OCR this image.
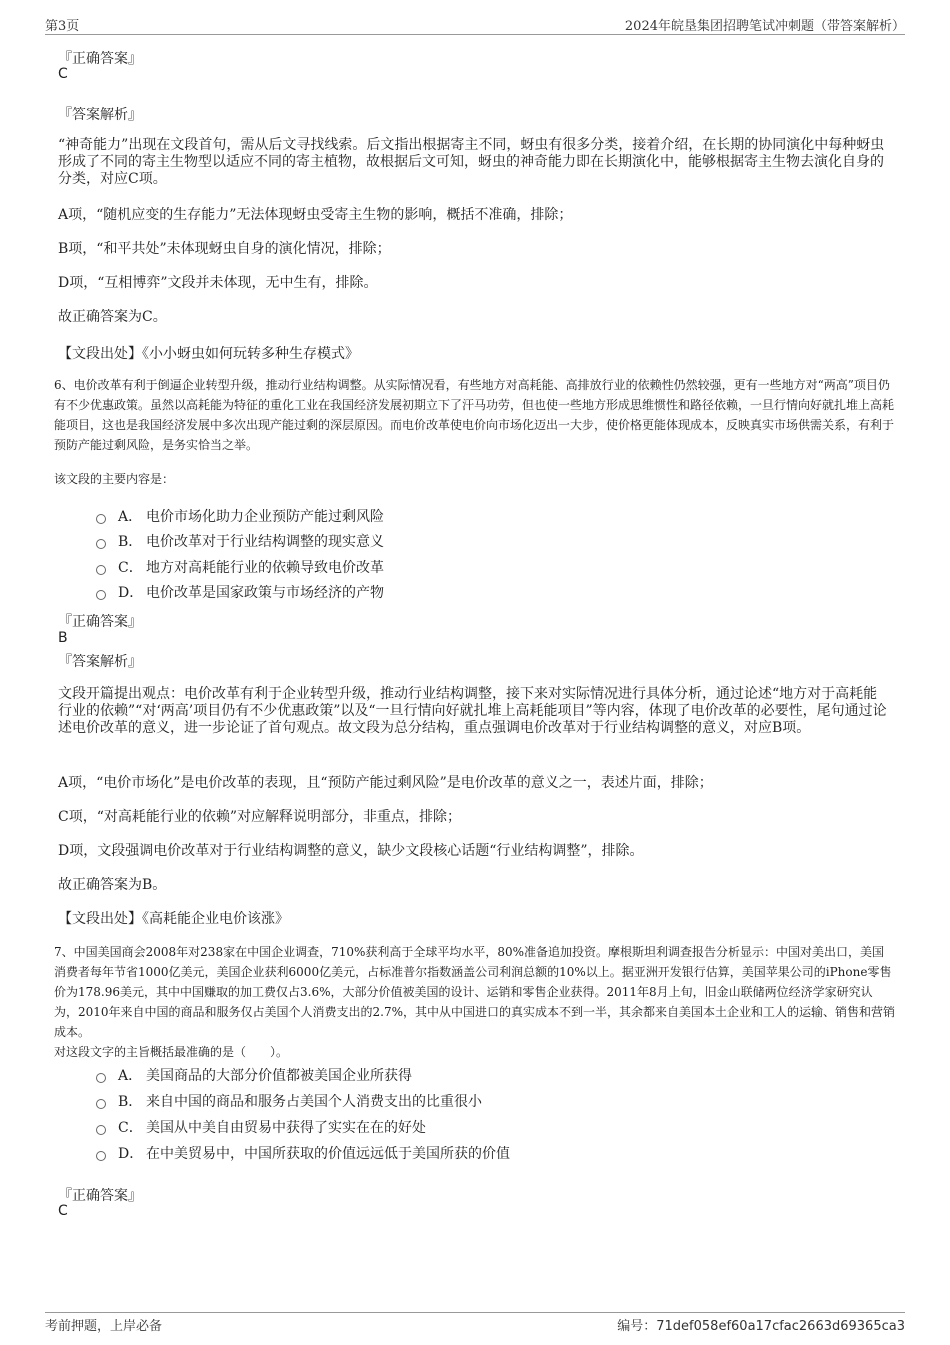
第3页	2024年皖垦集团招聘笔试冲刺题（带答案解析）
『正确答案』
C
『答案解析』

“神奇能力”出现在文段首句，需从后文寻找线索。后文指出根据寄主不同，蚜虫有很多分类，接着介绍，在长期的协同演化中每种蚜虫形成了不同的寄主生物型以适应不同的寄主植物，故根据后文可知，蚜虫的神奇能力即在长期演化中，能够根据寄主生物去演化自身的分类，对应C项。

A项，“随机应变的生存能力”无法体现蚜虫受寄主生物的影响，概括不准确，排除；

B项，“和平共处”未体现蚜虫自身的演化情况，排除；

D项，“互相博弈”文段并未体现，无中生有，排除。

故正确答案为C。

【文段出处】《小小蚜虫如何玩转多种生存模式》

6、电价改革有利于倒逼企业转型升级，推动行业结构调整。从实际情况看，有些地方对高耗能、高排放行业的依赖性仍然较强，更有一些地方对“两高”项目仍有不少优惠政策。虽然以高耗能为特征的重化工业在我国经济发展初期立下了汗马功劳，但也使一些地方形成思维惯性和路径依赖，一旦行情向好就扎堆上高耗能项目，这也是我国经济发展中多次出现产能过剩的深层原因。而电价改革使电价向市场化迈出一大步，使价格更能体现成本，反映真实市场供需关系，有利于预防产能过剩风险，是务实恰当之举。

该文段的主要内容是：
A． 电价市场化助力企业预防产能过剩风险
B． 电价改革对于行业结构调整的现实意义
C． 地方对高耗能行业的依赖导致电价改革
D． 电价改革是国家政策与市场经济的产物
『正确答案』
B
『答案解析』

文段开篇提出观点：电价改革有利于企业转型升级，推动行业结构调整，接下来对实际情况进行具体分析，通过论述“地方对于高耗能行业的依赖”“对‘两高’项目仍有不少优惠政策”以及“一旦行情向好就扎堆上高耗能项目”等内容，体现了电价改革的必要性，尾句通过论述电价改革的意义，进一步论证了首句观点。故文段为总分结构，重点强调电价改革对于行业结构调整的意义，对应B项。

A项，“电价市场化”是电价改革的表现，且“预防产能过剩风险”是电价改革的意义之一，表述片面，排除；

C项，“对高耗能行业的依赖”对应解释说明部分，非重点，排除；

D项，文段强调电价改革对于行业结构调整的意义，缺少文段核心话题“行业结构调整”，排除。

故正确答案为B。

【文段出处】《高耗能企业电价该涨》

7、中国美国商会2008年对238家在中国企业调查，710%获利高于全球平均水平，80%准备追加投资。摩根斯坦利调查报告分析显示：中国对美出口，美国消费者每年节省1000亿美元，美国企业获利6000亿美元，占标准普尔指数涵盖公司利润总额的10%以上。据亚洲开发银行估算，美国苹果公司的iPhone零售价为178.96美元，其中中国赚取的加工费仅占3.6%，大部分价值被美国的设计、运销和零售企业获得。2011年8月上旬，旧金山联储两位经济学家研究认为，2010年来自中国的商品和服务仅占美国个人消费支出的2.7%，其中从中国进口的真实成本不到一半，其余都来自美国本土企业和工人的运输、销售和营销成本。

对这段文字的主旨概括最准确的是（　　）。
A． 美国商品的大部分价值都被美国企业所获得
B． 来自中国的商品和服务占美国个人消费支出的比重很小
C． 美国从中美自由贸易中获得了实实在在的好处
D． 在中美贸易中，中国所获取的价值远远低于美国所获的价值
『正确答案』
C
考前押题，上岸必备	编号：71def058ef60a17cfac2663d69365ca3
